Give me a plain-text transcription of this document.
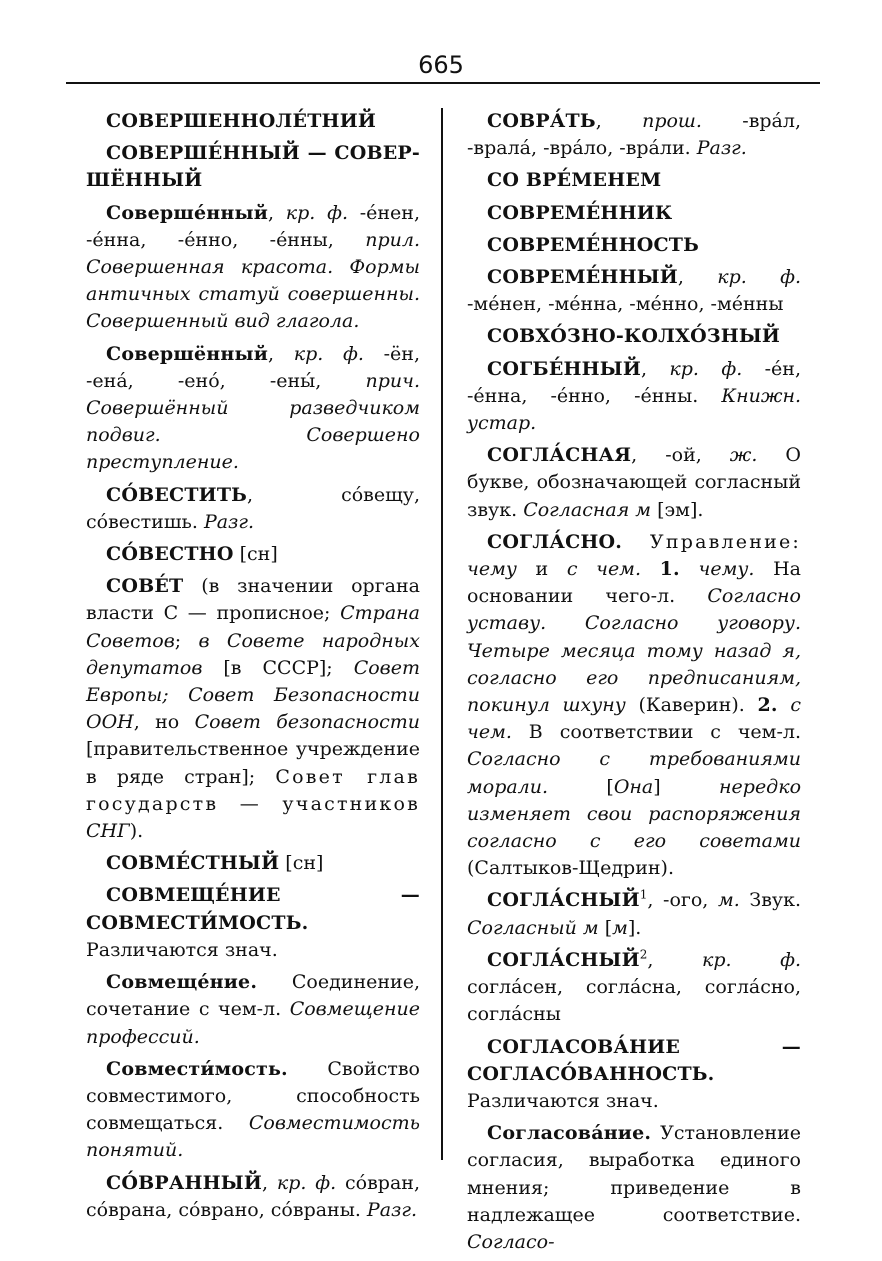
665

СОВЕРШЕННОЛЕ́ТНИЙ

СОВЕРШЕ́ННЫЙ — СОВЕР-ШЁННЫЙ

Соверше́нный, кр. ф. -е́нен, -е́нна, -е́нно, -е́нны, прил. Совершенная красота. Формы античных статуй совершенны. Совершенный вид глагола.

Совершённый, кр. ф. -ён, -ена́, -ено́, -ены́, прич. Совершённый разведчиком подвиг. Совершено преступление.

СО́ВЕСТИТЬ, со́вещу, со́вестишь. Разг.

СО́ВЕСТНО [сн]

СОВЕ́Т (в значении органа власти С — прописное; Страна Советов; в Совете народных депутатов [в СССР]; Совет Европы; Совет Безопасности ООН, но Совет безопасности [правительственное учреждение в ряде стран]; Совет глав государств — участников СНГ).

СОВМЕ́СТНЫЙ [сн]

СОВМЕЩЕ́НИЕ — СОВМЕСТИ́МОСТЬ. Различаются знач.

Совмеще́ние. Соединение, сочетание с чем-л. Совмещение профессий.

Совмести́мость. Свойство совместимого, способность совмещаться. Совместимость понятий.

СО́ВРАННЫЙ, кр. ф. со́вран, со́врана, со́врано, со́враны. Разг.

СОВРА́ТЬ, прош. -вра́л, -врала́, -вра́ло, -вра́ли. Разг.

СО ВРЕ́МЕНЕМ

СОВРЕМЕ́ННИК

СОВРЕМЕ́ННОСТЬ

СОВРЕМЕ́ННЫЙ, кр. ф. -ме́нен, -ме́нна, -ме́нно, -ме́нны

СОВХО́ЗНО-КОЛХО́ЗНЫЙ

СОГБЕ́ННЫЙ, кр. ф. -е́н, -е́нна, -е́нно, -е́нны. Книжн. устар.

СОГЛА́СНАЯ, -ой, ж. О букве, обозначающей согласный звук. Согласная м [эм].

СОГЛА́СНО. Управление: чему и с чем. 1. чему. На основании чего-л. Согласно уставу. Согласно уговору. Четыре месяца тому назад я, согласно его предписаниям, покинул шхуну (Каверин). 2. с чем. В соответствии с чем-л. Согласно с требованиями морали. [Она] нередко изменяет свои распоряжения согласно с его советами (Салтыков-Щедрин).

СОГЛА́СНЫЙ$^1$, -ого, м. Звук. Согласный м [м].

СОГЛА́СНЫЙ$^2$, кр. ф. согла́сен, согла́сна, согла́сно, согла́сны

СОГЛАСОВА́НИЕ — СОГЛАСО́ВАННОСТЬ. Различаются знач.

Согласова́ние. Установление согласия, выработка единого мнения; приведение в надлежащее соответствие. Согласо-
